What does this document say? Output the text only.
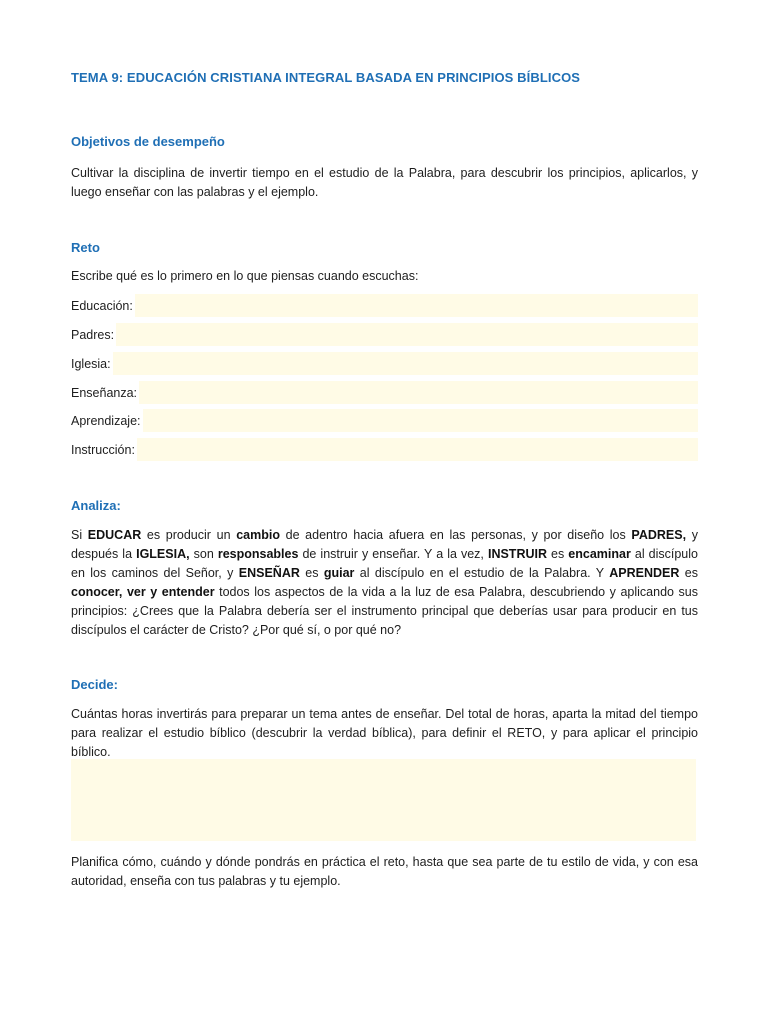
TEMA 9: EDUCACIÓN CRISTIANA INTEGRAL BASADA EN PRINCIPIOS BÍBLICOS
Objetivos de desempeño
Cultivar la disciplina de invertir tiempo en el estudio de la Palabra, para descubrir los principios, aplicarlos, y luego enseñar con las palabras y el ejemplo.
Reto
Escribe qué es lo primero en lo que piensas cuando escuchas:
Educación:
Padres:
Iglesia:
Enseñanza:
Aprendizaje:
Instrucción:
Analiza:
Si EDUCAR es producir un cambio de adentro hacia afuera en las personas, y por diseño los PADRES, y después la IGLESIA, son responsables de instruir y enseñar. Y a la vez, INSTRUIR es encaminar al discípulo en los caminos del Señor, y ENSEÑAR es guiar al discípulo en el estudio de la Palabra. Y APRENDER es conocer, ver y entender todos los aspectos de la vida a la luz de esa Palabra, descubriendo y aplicando sus principios: ¿Crees que la Palabra debería ser el instrumento principal que deberías usar para producir en tus discípulos el carácter de Cristo? ¿Por qué sí, o por qué no?
Decide:
Cuántas horas invertirás para preparar un tema antes de enseñar. Del total de horas, aparta la mitad del tiempo para realizar el estudio bíblico (descubrir la verdad bíblica), para definir el RETO, y para aplicar el principio bíblico.
Planifica cómo, cuándo y dónde pondrás en práctica el reto, hasta que sea parte de tu estilo de vida, y con esa autoridad, enseña con tus palabras y tu ejemplo.
